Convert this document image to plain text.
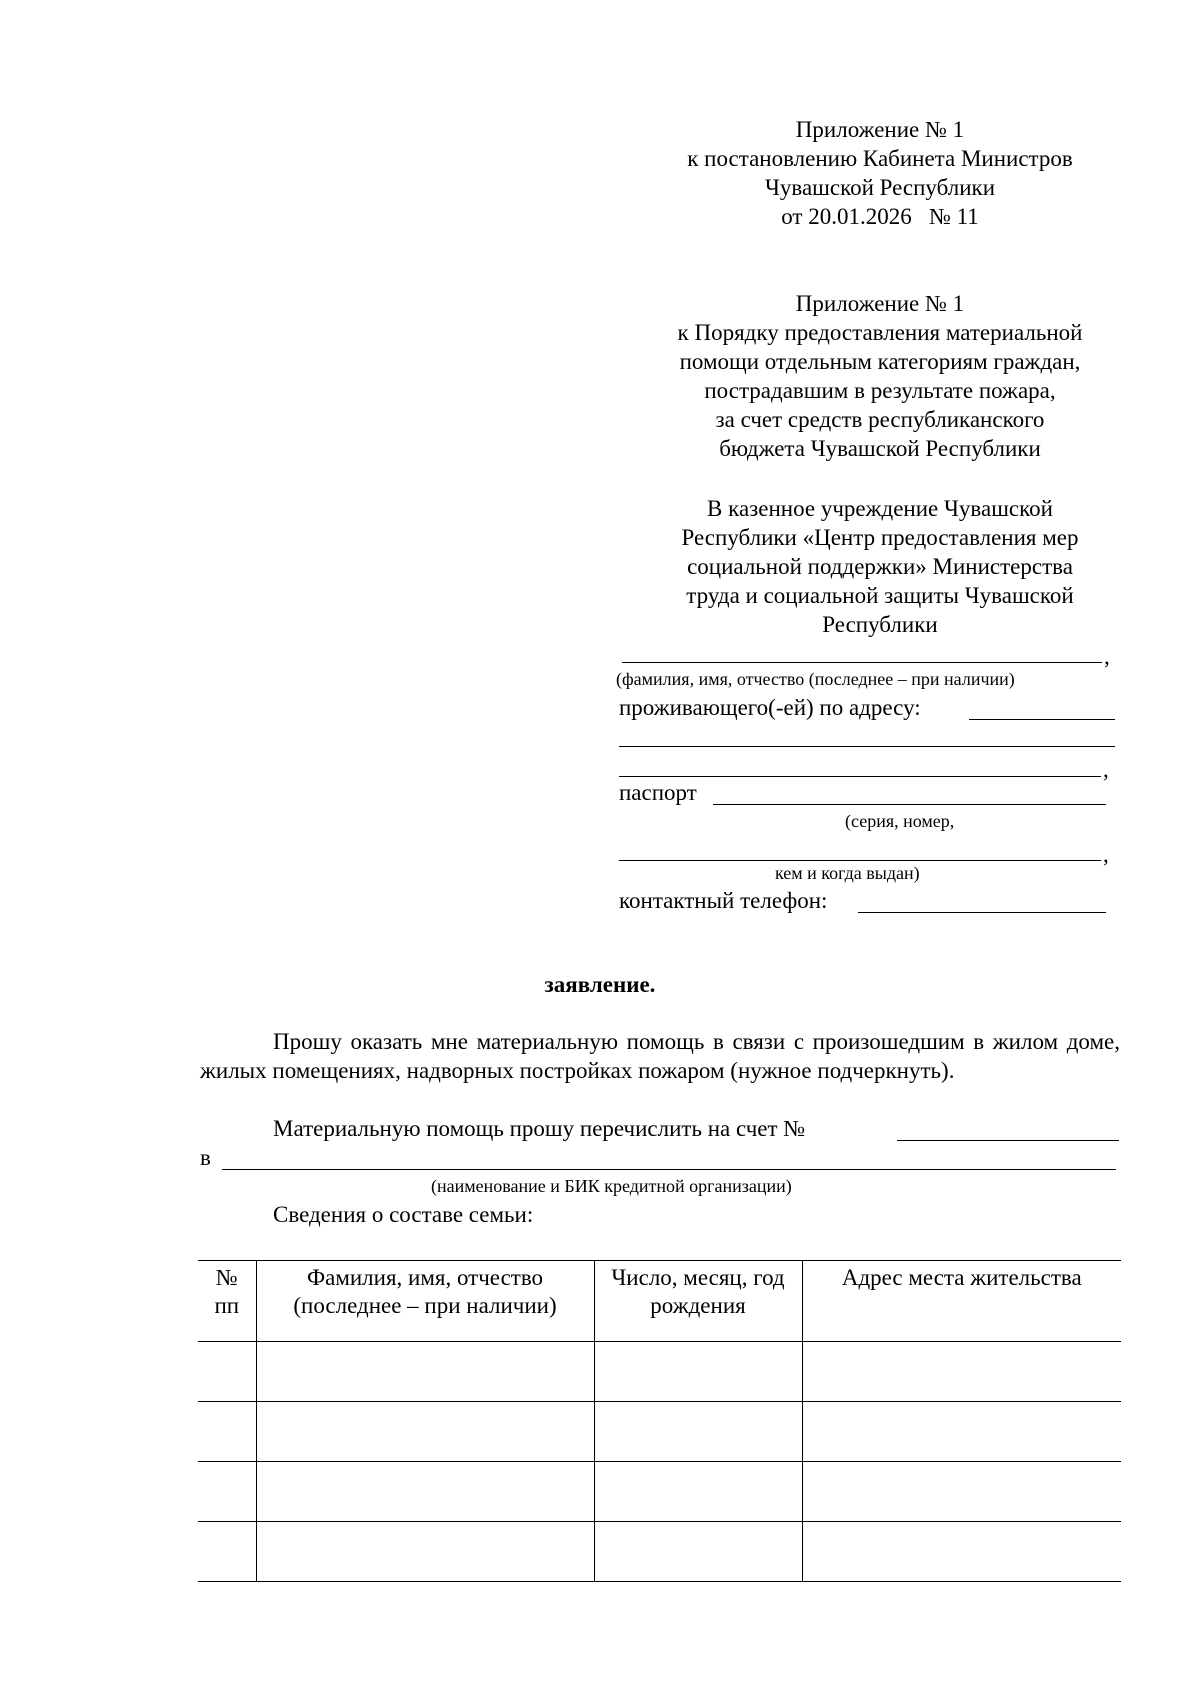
Приложение № 1
к постановлению Кабинета Министров
Чувашской Республики
от 20.01.2026   № 11
Приложение № 1
к Порядку предоставления материальной
помощи отдельным категориям граждан,
пострадавшим в результате пожара,
за счет средств республиканского
бюджета Чувашской Республики
В казенное учреждение Чувашской
Республики «Центр предоставления мер
социальной поддержки» Министерства
труда и социальной защиты Чувашской
Республики
,
(фамилия, имя, отчество (последнее – при наличии)
проживающего(-ей) по адресу:
,
паспорт
(серия, номер,
,
кем и когда выдан)
контактный телефон:
заявление.
Прошу оказать мне материальную помощь в связи с произошедшим в жилом доме, жилых помещениях, надворных постройках пожаром (нужное подчеркнуть).
Материальную помощь прошу перечислить на счет №
в
(наименование и БИК кредитной организации)
Сведения о составе семьи:
№ пп	Фамилия, имя, отчество (последнее – при наличии)	Число, месяц, год рождения	Адрес места жительства
